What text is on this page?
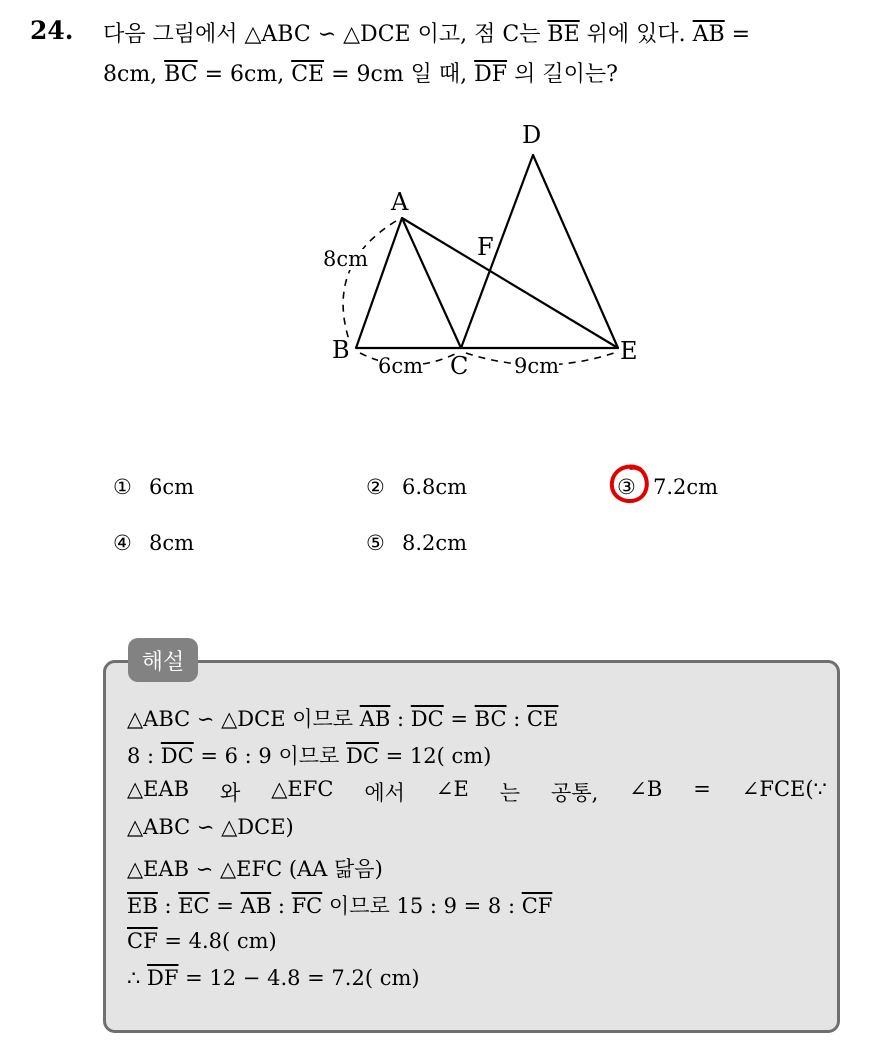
24. 다음 그림에서 △ABC ∽ △DCE 이고, 점 C는 $\overline{BE}$ 위에 있다. $\overline{AB}$ =
8cm, $\overline{BC} = 6cm$, $\overline{CE} = 9cm$ 일 때, $\overline{DF}$ 의 길이는?
A
B
C
D
E
F
8cm
6cm	9cm
① 6cm	② 6.8cm	③ 7.2cm
④ 8cm	⑤ 8.2cm
해설
△ABC ∽ △DCE 이므로 $\overline{AB}$ : $\overline{DC} = \overline{BC}$ : $\overline{CE}$
8 : $\overline{DC} = 6$ : 9 이므로 $\overline{DC} = 12$( cm)
△EAB 와 △EFC 에서 ∠E 는 공통, ∠B = ∠FCE(∵
△ABC ∽ △DCE)
△EAB ∽ △EFC (AA 닮음)
$\overline{EB}$ : $\overline{EC} = \overline{AB}$ : $\overline{FC}$ 이므로 15 : 9 = 8 : $\overline{CF}$
$\overline{CF} = 4.8$( cm)
∴ $\overline{DF} = 12 - 4.8 = 7.2$( cm)
